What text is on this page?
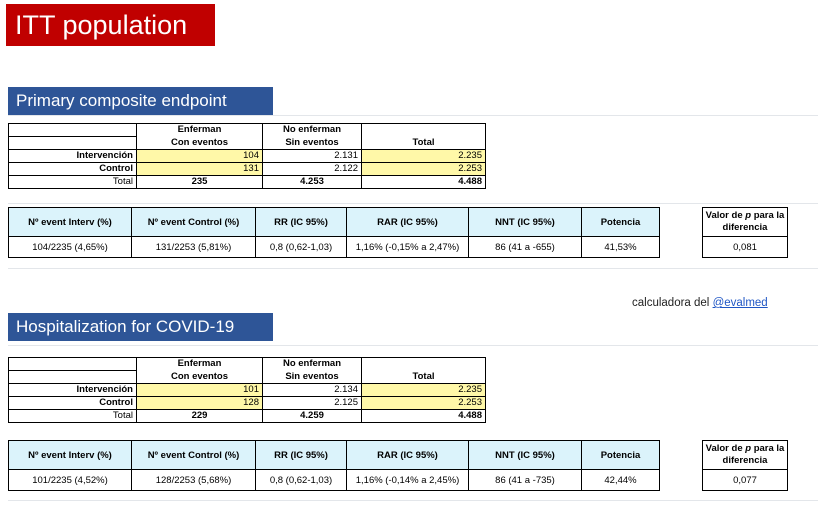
ITT population
Primary composite endpoint
	Enferman	No enferman	
	Con eventos	Sin eventos	Total
Intervención	104	2.131	2.235
Control	131	2.122	2.253
Total	235	4.253	4.488
Nº event Interv (%)	Nº event Control (%)	RR (IC 95%)	RAR (IC 95%)	NNT (IC 95%)	Potencia		Valor de p para la diferencia
104/2235 (4,65%)	131/2253 (5,81%)	0,8 (0,62-1,03)	1,16% (-0,15% a 2,47%)	86 (41 a -655)	41,53%		0,081
calculadora del @evalmed
Hospitalization for COVID-19
	Enferman	No enferman	
	Con eventos	Sin eventos	Total
Intervención	101	2.134	2.235
Control	128	2.125	2.253
Total	229	4.259	4.488
Nº event Interv (%)	Nº event Control (%)	RR (IC 95%)	RAR (IC 95%)	NNT (IC 95%)	Potencia		Valor de p para la diferencia
101/2235 (4,52%)	128/2253 (5,68%)	0,8 (0,62-1,03)	1,16% (-0,14% a 2,45%)	86 (41 a -735)	42,44%		0,077
